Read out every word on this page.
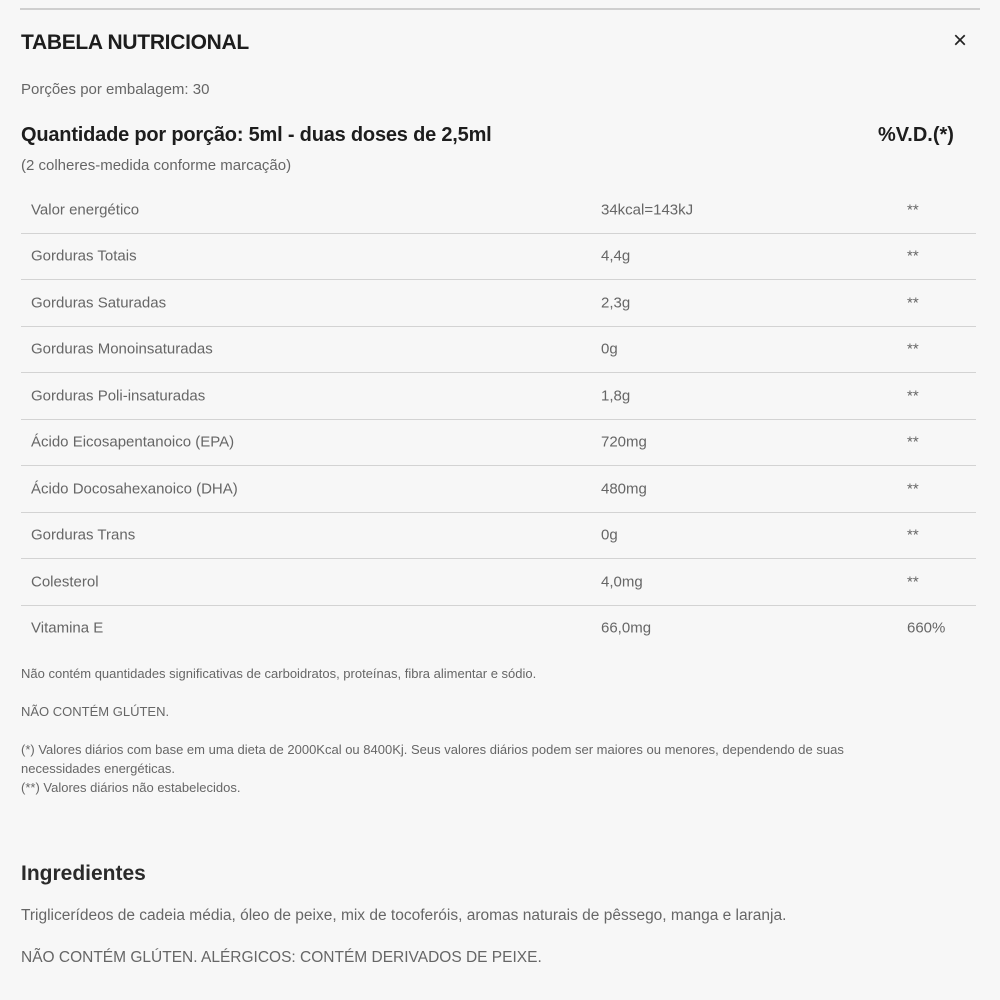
TABELA NUTRICIONAL	×
Porções por embalagem: 30
Quantidade por porção: 5ml - duas doses de 2,5ml	%V.D.(*)
(2 colheres-medida conforme marcação)
Valor energético	34kcal=143kJ	**
Gorduras Totais	4,4g	**
Gorduras Saturadas	2,3g	**
Gorduras Monoinsaturadas	0g	**
Gorduras Poli-insaturadas	1,8g	**
Ácido Eicosapentanoico (EPA)	720mg	**
Ácido Docosahexanoico (DHA)	480mg	**
Gorduras Trans	0g	**
Colesterol	4,0mg	**
Vitamina E	66,0mg	660%
Não contém quantidades significativas de carboidratos, proteínas, fibra alimentar e sódio.
NÃO CONTÉM GLÚTEN.
(*) Valores diários com base em uma dieta de 2000Kcal ou 8400Kj. Seus valores diários podem ser maiores ou menores, dependendo de suas
necessidades energéticas.
(**) Valores diários não estabelecidos.
Ingredientes
Triglicerídeos de cadeia média, óleo de peixe, mix de tocoferóis, aromas naturais de pêssego, manga e laranja.
NÃO CONTÉM GLÚTEN. ALÉRGICOS: CONTÉM DERIVADOS DE PEIXE.
